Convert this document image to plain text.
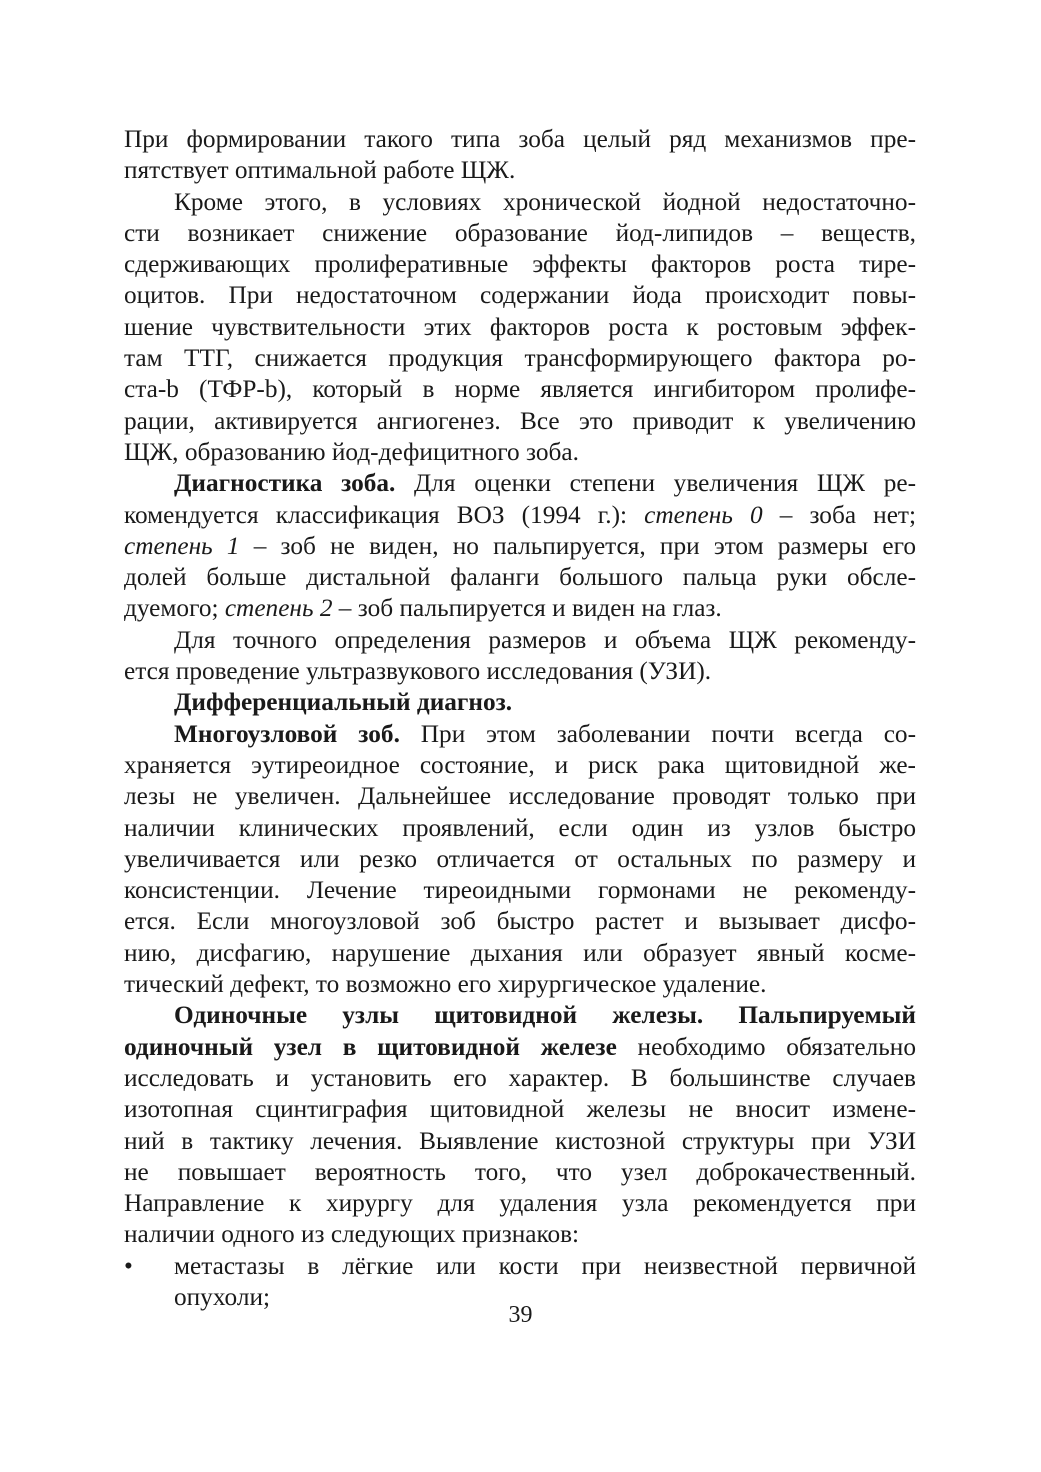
При формировании такого типа зоба целый ряд механизмов пре-
пятствует оптимальной работе ЩЖ.
Кроме этого, в условиях хронической йодной недостаточно-
сти возникает снижение образование йод-липидов – веществ,
сдерживающих пролиферативные эффекты факторов роста тире-
оцитов. При недостаточном содержании йода происходит повы-
шение чувствительности этих факторов роста к ростовым эффек-
там ТТГ, снижается продукция трансформирующего фактора ро-
ста-b (ТФР-b), который в норме является ингибитором пролифе-
рации, активируется ангиогенез. Все это приводит к увеличению
ЩЖ, образованию йод-дефицитного зоба.
Диагностика зоба. Для оценки степени увеличения ЩЖ ре-
комендуется классификация ВОЗ (1994 г.): степень 0 – зоба нет;
степень 1 – зоб не виден, но пальпируется, при этом размеры его
долей больше дистальной фаланги большого пальца руки обсле-
дуемого; степень 2 – зоб пальпируется и виден на глаз.
Для точного определения размеров и объема ЩЖ рекоменду-
ется проведение ультразвукового исследования (УЗИ).
Дифференциальный диагноз.
Многоузловой зоб. При этом заболевании почти всегда со-
храняется эутиреоидное состояние, и риск рака щитовидной же-
лезы не увеличен. Дальнейшее исследование проводят только при
наличии клинических проявлений, если один из узлов быстро
увеличивается или резко отличается от остальных по размеру и
консистенции. Лечение тиреоидными гормонами не рекоменду-
ется. Если многоузловой зоб быстро растет и вызывает дисфо-
нию, дисфагию, нарушение дыхания или образует явный космe-
тический дефект, то возможно его хирургическое удаление.
Одиночные узлы щитовидной железы. Пальпируемый
одиночный узел в щитовидной железе необходимо обязательно
исследовать и установить его характер. В большинстве случаев
изотопная сцинтиграфия щитовидной железы не вносит измене-
ний в тактику лечения. Выявление кистозной структуры при УЗИ
не повышает вероятность того, что узел доброкачественный.
Направление к хирургу для удаления узла рекомендуется при
наличии одного из следующих признаков:
• метастазы в лёгкие или кости при неизвестной первичной
опухоли;
39
